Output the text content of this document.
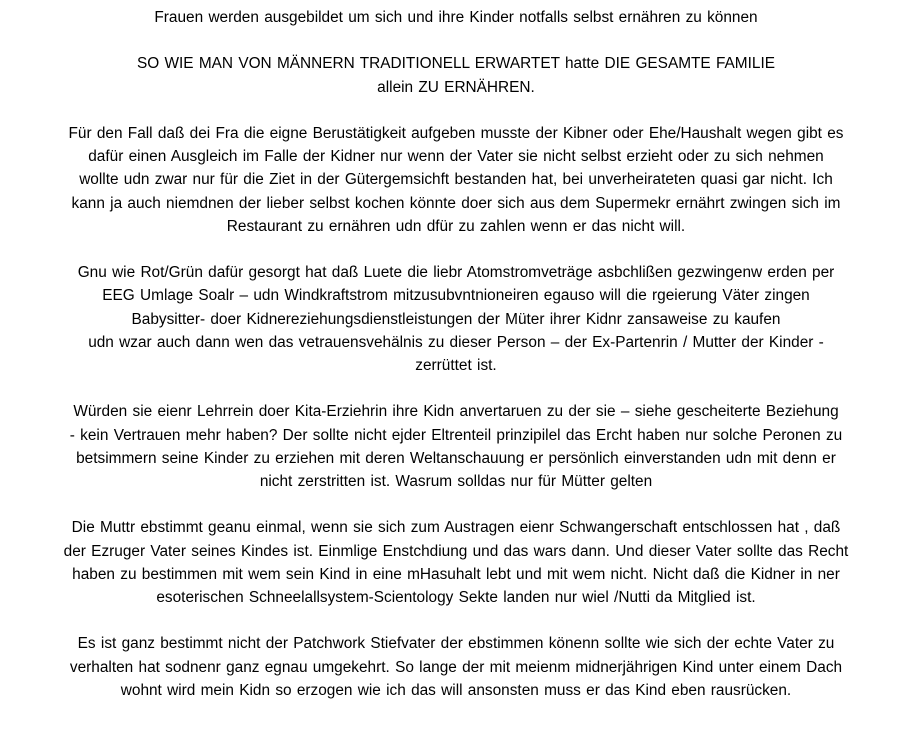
Frauen werden ausgebildet um sich und ihre Kinder notfalls selbst ernähren zu können

SO WIE MAN VON MÄNNERN TRADITIONELL ERWARTET hatte DIE GESAMTE FAMILIE
allein ZU ERNÄHREN.

Für den Fall daß dei Fra die eigne Berustätigkeit aufgeben musste der Kibner oder Ehe/Haushalt wegen gibt es
dafür einen Ausgleich im Falle der Kidner nur wenn der Vater sie nicht selbst erzieht oder zu sich nehmen
wollte udn zwar nur für die Ziet in der Gütergemsichft bestanden hat, bei unverheirateten quasi gar nicht. Ich
kann ja auch niemdnen der lieber selbst kochen könnte doer sich aus dem Supermekr ernährt zwingen sich im
Restaurant zu ernähren udn dfür zu zahlen wenn er das nicht will.

Gnu wie Rot/Grün dafür gesorgt hat daß Luete die liebr Atomstromveträge asbchlißen gezwingenw erden per
EEG Umlage Soalr – udn Windkraftstrom mitzusubvntnioneiren egauso will die rgeierung Väter zingen
Babysitter- doer Kidnereziehungsdienstleistungen der Müter ihrer Kidnr zansaweise zu kaufen
udn wzar auch dann wen das vetrauensvehälnis zu dieser Person – der Ex-Partenrin / Mutter der Kinder -
zerrüttet ist.

Würden sie eienr Lehrrein doer Kita-Erziehrin ihre Kidn anvertaruen zu der sie – siehe gescheiterte Beziehung
- kein Vertrauen mehr haben? Der sollte nicht ejder Eltrenteil prinzipilel das Ercht haben nur solche Peronen zu
betsimmern seine Kinder zu erziehen mit deren Weltanschauung er persönlich einverstanden udn mit denn er
nicht zerstritten ist. Wasrum solldas nur für Mütter gelten

Die Muttr ebstimmt geanu einmal, wenn sie sich zum Austragen eienr Schwangerschaft entschlossen hat , daß
der Ezruger Vater seines Kindes ist. Einmlige Enstchdiung und das wars dann. Und dieser Vater sollte das Recht
haben zu bestimmen mit wem sein Kind in eine mHasuhalt lebt und mit wem nicht. Nicht daß die Kidner in ner
esoterischen Schneelallsystem-Scientology Sekte landen nur wiel /Nutti da Mitglied ist.

Es ist ganz bestimmt nicht der Patchwork Stiefvater der ebstimmen könenn sollte wie sich der echte Vater zu
verhalten hat sodnenr ganz egnau umgekehrt. So lange der mit meienm midnerjährigen Kind unter einem Dach
wohnt wird mein Kidn so erzogen wie ich das will ansonsten muss er das Kind eben rausrücken.
